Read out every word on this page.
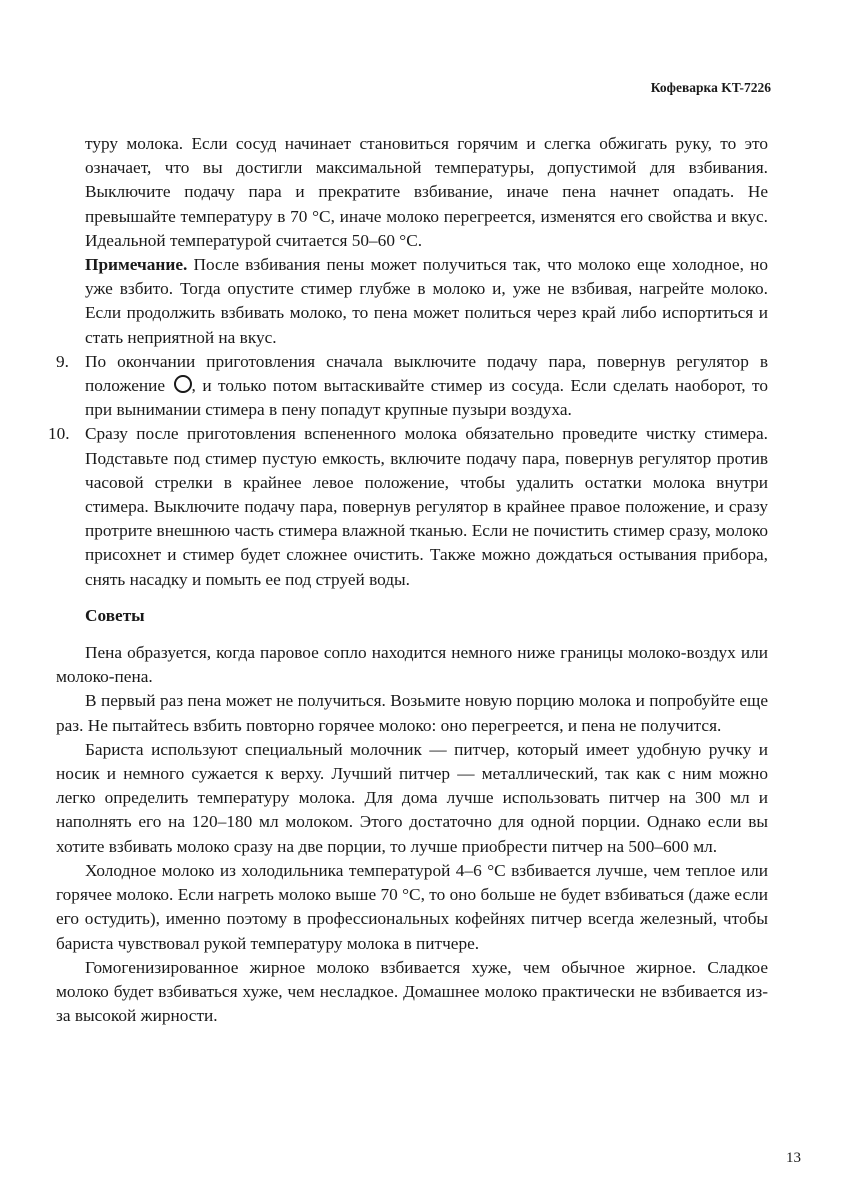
Кофеварка KT-7226

туру молока. Если сосуд начинает становиться горячим и слегка обжигать руку, то это означает, что вы достигли максимальной температуры, допустимой для взбивания. Выключите подачу пара и прекратите взбивание, иначе пена начнет опадать. Не превышайте температуру в 70 °C, иначе молоко перегреется, изменятся его свойства и вкус. Идеальной температурой считается 50–60 °C.

Примечание. После взбивания пены может получиться так, что молоко еще холодное, но уже взбито. Тогда опустите стимер глубже в молоко и, уже не взбивая, нагрейте молоко. Если продолжить взбивать молоко, то пена может политься через край либо испортиться и стать неприятной на вкус.

9. По окончании приготовления сначала выключите подачу пара, повернув регулятор в положение , и только потом вытаскивайте стимер из сосуда. Если сделать наоборот, то при вынимании стимера в пену попадут крупные пузыри воздуха.

10. Сразу после приготовления вспененного молока обязательно проведите чистку стимера. Подставьте под стимер пустую емкость, включите подачу пара, повернув регулятор против часовой стрелки в крайнее левое положение, чтобы удалить остатки молока внутри стимера. Выключите подачу пара, повернув регулятор в крайнее правое положение, и сразу протрите внешнюю часть стимера влажной тканью. Если не почистить стимер сразу, молоко присохнет и стимер будет сложнее очистить. Также можно дождаться остывания прибора, снять насадку и помыть ее под струей воды.

Советы

Пена образуется, когда паровое сопло находится немного ниже границы молоко-воздух или молоко-пена.

В первый раз пена может не получиться. Возьмите новую порцию молока и попробуйте еще раз. Не пытайтесь взбить повторно горячее молоко: оно перегреется, и пена не получится.

Бариста используют специальный молочник — питчер, который имеет удобную ручку и носик и немного сужается к верху. Лучший питчер — металлический, так как с ним можно легко определить температуру молока. Для дома лучше использовать питчер на 300 мл и наполнять его на 120–180 мл молоком. Этого достаточно для одной порции. Однако если вы хотите взбивать молоко сразу на две порции, то лучше приобрести питчер на 500–600 мл.

Холодное молоко из холодильника температурой 4–6 °C взбивается лучше, чем теплое или горячее молоко. Если нагреть молоко выше 70 °C, то оно больше не будет взбиваться (даже если его остудить), именно поэтому в профессиональных кофейнях питчер всегда железный, чтобы бариста чувствовал рукой температуру молока в питчере.

Гомогенизированное жирное молоко взбивается хуже, чем обычное жирное. Сладкое молоко будет взбиваться хуже, чем несладкое. Домашнее молоко практически не взбивается из-за высокой жирности.

13
